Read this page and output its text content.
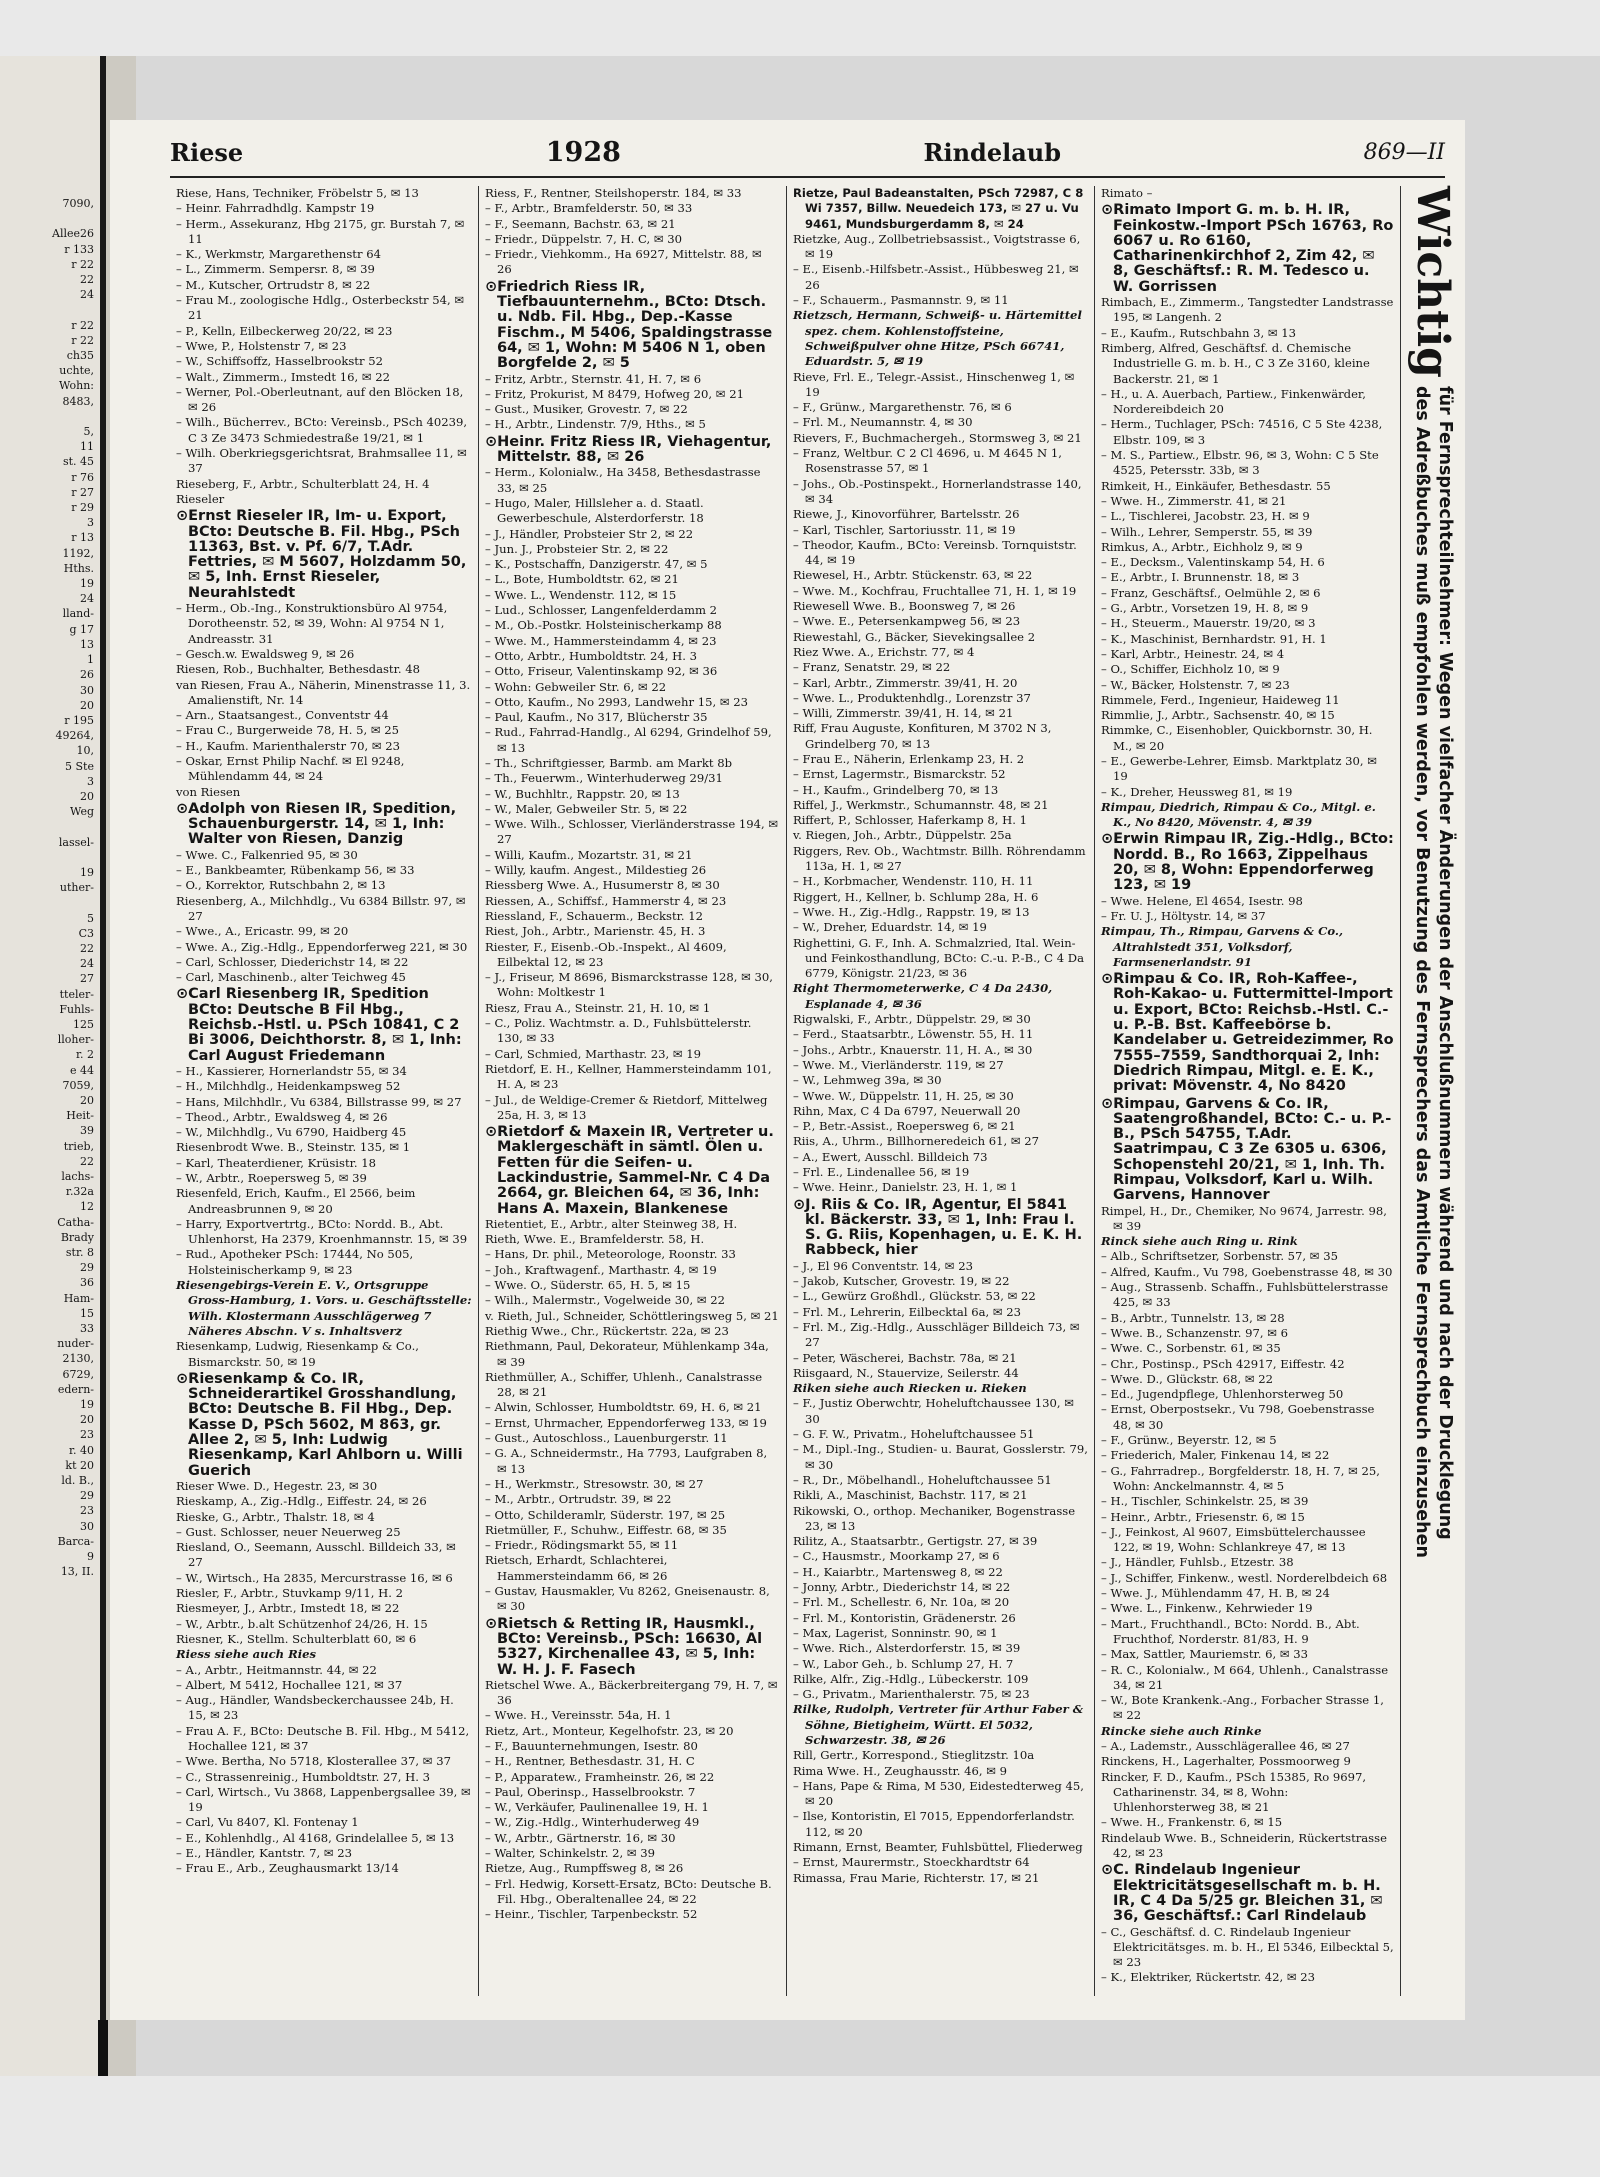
7090,

Allee26
r 133
r 22
22
24

r 22
r 22
ch35
uchte,
Wohn:
8483,

5,
11
st. 45
r 76
r 27
r 29
3
r 13
1192,
Hths.
19
24
lland-
g 17
13
1
26
30
20
r 195
49264,
10,
5 Ste
3
20
Weg

lassel-

19
uther-

5
C3
22
24
27
tteler-
Fuhls-
125
lloher-
r. 2
e 44
7059,
20
Heit-
39
trieb,
22
lachs-
r.32a
12
Catha-
Brady
str. 8
29
36
Ham-
15
33
nuder-
2130,
6729,
edern-
19
20
23
r. 40
kt 20
ld. B.,
29
23
30
Barca-
9
13, II.
Riese	1928	Rindelaub	869—II
Riese, Hans, Techniker, Fröbelstr 5, ✉ 13
– Heinr. Fahrradhdlg. Kampstr 19
– Herm., Assekuranz, Hbg 2175, gr. Burstah 7, ✉ 11
– K., Werkmstr, Margarethenstr 64
– L., Zimmerm. Sempersr. 8, ✉ 39
– M., Kutscher, Ortrudstr 8, ✉ 22
– Frau M., zoologische Hdlg., Osterbeckstr 54, ✉ 21
– P., Kelln, Eilbeckerweg 20/22, ✉ 23
– Wwe, P., Holstenstr 7, ✉ 23
– W., Schiffsoffz, Hasselbrookstr 52
– Walt., Zimmerm., Imstedt 16, ✉ 22
– Werner, Pol.-Oberleutnant, auf den Blöcken 18, ✉ 26
– Wilh., Bücherrev., BCto: Vereinsb., PSch 40239, C 3 Ze 3473 Schmiedestraße 19/21, ✉ 1
– Wilh. Oberkriegsgerichtsrat, Brahmsallee 11, ✉ 37
Rieseberg, F., Arbtr., Schulterblatt 24, H. 4
Rieseler
⊙ Ernst Rieseler IR, Im- u. Export, BCto: Deutsche B. Fil. Hbg., PSch 11363, Bst. v. Pf. 6/7, T.Adr. Fettries, ✉ M 5607, Holzdamm 50, ✉ 5, Inh. Ernst Rieseler, Neurahlstedt
– Herm., Ob.-Ing., Konstruktionsbüro Al 9754, Dorotheenstr. 52, ✉ 39, Wohn: Al 9754 N 1, Andreasstr. 31
– Gesch.w. Ewaldsweg 9, ✉ 26
Riesen, Rob., Buchhalter, Bethesdastr. 48
van Riesen, Frau A., Näherin, Minenstrasse 11, 3. Amalienstift, Nr. 14
– Arn., Staatsangest., Conventstr 44
– Frau C., Burgerweide 78, H. 5, ✉ 25
– H., Kaufm. Marienthalerstr 70, ✉ 23
– Oskar, Ernst Philip Nachf. ✉ El 9248, Mühlendamm 44, ✉ 24
von Riesen
⊙ Adolph von Riesen IR, Spedition, Schauenburgerstr. 14, ✉ 1, Inh: Walter von Riesen, Danzig
– Wwe. C., Falkenried 95, ✉ 30
– E., Bankbeamter, Rübenkamp 56, ✉ 33
– O., Korrektor, Rutschbahn 2, ✉ 13
Riesenberg, A., Milchhdlg., Vu 6384 Billstr. 97, ✉ 27
– Wwe., A., Ericastr. 99, ✉ 20
– Wwe. A., Zig.-Hdlg., Eppendorferweg 221, ✉ 30
– Carl, Schlosser, Diederichstr 14, ✉ 22
– Carl, Maschinenb., alter Teichweg 45
⊙ Carl Riesenberg IR, Spedition BCto: Deutsche B Fil Hbg., Reichsb.-Hstl. u. PSch 10841, C 2 Bi 3006, Deichthorstr. 8, ✉ 1, Inh: Carl August Friedemann
– H., Kassierer, Hornerlandstr 55, ✉ 34
– H., Milchhdlg., Heidenkampsweg 52
– Hans, Milchhdlr., Vu 6384, Billstrasse 99, ✉ 27
– Theod., Arbtr., Ewaldsweg 4, ✉ 26
– W., Milchhdlg., Vu 6790, Haidberg 45
Riesenbrodt Wwe. B., Steinstr. 135, ✉ 1
– Karl, Theaterdiener, Krüsistr. 18
– W., Arbtr., Roepersweg 5, ✉ 39
Riesenfeld, Erich, Kaufm., El 2566, beim Andreasbrunnen 9, ✉ 20
– Harry, Exportvertrtg., BCto: Nordd. B., Abt. Uhlenhorst, Ha 2379, Kroenhmannstr. 15, ✉ 39
– Rud., Apotheker PSch: 17444, No 505, Holsteinischerkamp 9, ✉ 23
Riesengebirgs-Verein E. V., Ortsgruppe Gross-Hamburg, 1. Vors. u. Geschäftsstelle: Wilh. Klostermann Ausschlägerweg 7 Näheres Abschn. V s. Inhaltsverz
Riesenkamp, Ludwig, Riesenkamp & Co., Bismarckstr. 50, ✉ 19
⊙ Riesenkamp & Co. IR, Schneiderartikel Grosshandlung, BCto: Deutsche B. Fil Hbg., Dep. Kasse D, PSch 5602, M 863, gr. Allee 2, ✉ 5, Inh: Ludwig Riesenkamp, Karl Ahlborn u. Willi Guerich
Rieser Wwe. D., Hegestr. 23, ✉ 30
Rieskamp, A., Zig.-Hdlg., Eiffestr. 24, ✉ 26
Rieske, G., Arbtr., Thalstr. 18, ✉ 4
– Gust. Schlosser, neuer Neuerweg 25
Riesland, O., Seemann, Ausschl. Billdeich 33, ✉ 27
– W., Wirtsch., Ha 2835, Mercurstrasse 16, ✉ 6
Riesler, F., Arbtr., Stuvkamp 9/11, H. 2
Riesmeyer, J., Arbtr., Imstedt 18, ✉ 22
– W., Arbtr., b.alt Schützenhof 24/26, H. 15
Riesner, K., Stellm. Schulterblatt 60, ✉ 6
Riess siehe auch Ries
– A., Arbtr., Heitmannstr. 44, ✉ 22
– Albert, M 5412, Hochallee 121, ✉ 37
– Aug., Händler, Wandsbeckerchaussee 24b, H. 15, ✉ 23
– Frau A. F., BCto: Deutsche B. Fil. Hbg., M 5412, Hochallee 121, ✉ 37
– Wwe. Bertha, No 5718, Klosterallee 37, ✉ 37
– C., Strassenreinig., Humboldtstr. 27, H. 3
– Carl, Wirtsch., Vu 3868, Lappenbergsallee 39, ✉ 19
– Carl, Vu 8407, Kl. Fontenay 1
– E., Kohlenhdlg., Al 4168, Grindelallee 5, ✉ 13
– E., Händler, Kantstr. 7, ✉ 23
– Frau E., Arb., Zeughausmarkt 13/14
Riess, F., Rentner, Steilshoperstr. 184, ✉ 33
– F., Arbtr., Bramfelderstr. 50, ✉ 33
– F., Seemann, Bachstr. 63, ✉ 21
– Friedr., Düppelstr. 7, H. C, ✉ 30
– Friedr., Viehkomm., Ha 6927, Mittelstr. 88, ✉ 26
⊙ Friedrich Riess IR, Tiefbauunternehm., BCto: Dtsch. u. Ndb. Fil. Hbg., Dep.-Kasse Fischm., M 5406, Spaldingstrasse 64, ✉ 1, Wohn: M 5406 N 1, oben Borgfelde 2, ✉ 5
– Fritz, Arbtr., Sternstr. 41, H. 7, ✉ 6
– Fritz, Prokurist, M 8479, Hofweg 20, ✉ 21
– Gust., Musiker, Grovestr. 7, ✉ 22
– H., Arbtr., Lindenstr. 7/9, Hths., ✉ 5
⊙ Heinr. Fritz Riess IR, Viehagentur, Mittelstr. 88, ✉ 26
– Herm., Kolonialw., Ha 3458, Bethesdastrasse 33, ✉ 25
– Hugo, Maler, Hillsleher a. d. Staatl. Gewerbeschule, Alsterdorferstr. 18
– J., Händler, Probsteier Str 2, ✉ 22
– Jun. J., Probsteier Str. 2, ✉ 22
– K., Postschaffn, Danzigerstr. 47, ✉ 5
– L., Bote, Humboldtstr. 62, ✉ 21
– Wwe. L., Wendenstr. 112, ✉ 15
– Lud., Schlosser, Langenfelderdamm 2
– M., Ob.-Postkr. Holsteinischerkamp 88
– Wwe. M., Hammersteindamm 4, ✉ 23
– Otto, Arbtr., Humboldtstr. 24, H. 3
– Otto, Friseur, Valentinskamp 92, ✉ 36
– Wohn: Gebweiler Str. 6, ✉ 22
– Otto, Kaufm., No 2993, Landwehr 15, ✉ 23
– Paul, Kaufm., No 317, Blücherstr 35
– Rud., Fahrrad-Handlg., Al 6294, Grindelhof 59, ✉ 13
– Th., Schriftgiesser, Barmb. am Markt 8b
– Th., Feuerwm., Winterhuderweg 29/31
– W., Buchhltr., Rappstr. 20, ✉ 13
– W., Maler, Gebweiler Str. 5, ✉ 22
– Wwe. Wilh., Schlosser, Vierländerstrasse 194, ✉ 27
– Willi, Kaufm., Mozartstr. 31, ✉ 21
– Willy, kaufm. Angest., Mildestieg 26
Riessberg Wwe. A., Husumerstr 8, ✉ 30
Riessen, A., Schiffsf., Hammerstr 4, ✉ 23
Riessland, F., Schauerm., Beckstr. 12
Riest, Joh., Arbtr., Marienstr. 45, H. 3
Riester, F., Eisenb.-Ob.-Inspekt., Al 4609, Eilbektal 12, ✉ 23
– J., Friseur, M 8696, Bismarckstrasse 128, ✉ 30, Wohn: Moltkestr 1
Riesz, Frau A., Steinstr. 21, H. 10, ✉ 1
– C., Poliz. Wachtmstr. a. D., Fuhlsbüttelerstr. 130, ✉ 33
– Carl, Schmied, Marthastr. 23, ✉ 19
Rietdorf, E. H., Kellner, Hammersteindamm 101, H. A, ✉ 23
– Jul., de Weldige-Cremer & Rietdorf, Mittelweg 25a, H. 3, ✉ 13
⊙ Rietdorf & Maxein IR, Vertreter u. Maklergeschäft in sämtl. Ölen u. Fetten für die Seifen- u. Lackindustrie, Sammel-Nr. C 4 Da 2664, gr. Bleichen 64, ✉ 36, Inh: Hans A. Maxein, Blankenese
Rietentiet, E., Arbtr., alter Steinweg 38, H.
Rieth, Wwe. E., Bramfelderstr. 58, H.
– Hans, Dr. phil., Meteorologe, Roonstr. 33
– Joh., Kraftwagenf., Marthastr. 4, ✉ 19
– Wwe. O., Süderstr. 65, H. 5, ✉ 15
– Wilh., Malermstr., Vogelweide 30, ✉ 22
v. Rieth, Jul., Schneider, Schöttleringsweg 5, ✉ 21
Riethig Wwe., Chr., Rückertstr. 22a, ✉ 23
Riethmann, Paul, Dekorateur, Mühlenkamp 34a, ✉ 39
Riethmüller, A., Schiffer, Uhlenh., Canalstrasse 28, ✉ 21
– Alwin, Schlosser, Humboldtstr. 69, H. 6, ✉ 21
– Ernst, Uhrmacher, Eppendorferweg 133, ✉ 19
– Gust., Autoschloss., Lauenburgerstr. 11
– G. A., Schneidermstr., Ha 7793, Laufgraben 8, ✉ 13
– H., Werkmstr., Stresowstr. 30, ✉ 27
– M., Arbtr., Ortrudstr. 39, ✉ 22
– Otto, Schilderamlr, Süderstr. 197, ✉ 25
Rietmüller, F., Schuhw., Eiffestr. 68, ✉ 35
– Friedr., Rödingsmarkt 55, ✉ 11
Rietsch, Erhardt, Schlachterei, Hammersteindamm 66, ✉ 26
– Gustav, Hausmakler, Vu 8262, Gneisenaustr. 8, ✉ 30
⊙ Rietsch & Retting IR, Hausmkl., BCto: Vereinsb., PSch: 16630, Al 5327, Kirchenallee 43, ✉ 5, Inh: W. H. J. F. Fasech
Rietschel Wwe. A., Bäckerbreitergang 79, H. 7, ✉ 36
– Wwe. H., Vereinsstr. 54a, H. 1
Rietz, Art., Monteur, Kegelhofstr. 23, ✉ 20
– F., Bauunternehmungen, Isestr. 80
– H., Rentner, Bethesdastr. 31, H. C
– P., Apparatew., Framheinstr. 26, ✉ 22
– Paul, Oberinsp., Hasselbrookstr. 7
– W., Verkäufer, Paulinenallee 19, H. 1
– W., Zig.-Hdlg., Winterhuderweg 49
– W., Arbtr., Gärtnerstr. 16, ✉ 30
– Walter, Schinkelstr. 2, ✉ 39
Rietze, Aug., Rumpffsweg 8, ✉ 26
– Frl. Hedwig, Korsett-Ersatz, BCto: Deutsche B. Fil. Hbg., Oberaltenallee 24, ✉ 22
– Heinr., Tischler, Tarpenbeckstr. 52
Rietze, Paul Badeanstalten, PSch 72987, C 8 Wi 7357, Billw. Neuedeich 173, ✉ 27 u. Vu 9461, Mundsburgerdamm 8, ✉ 24
Rietzke, Aug., Zollbetriebsassist., Voigtstrasse 6, ✉ 19
– E., Eisenb.-Hilfsbetr.-Assist., Hübbesweg 21, ✉ 26
– F., Schauerm., Pasmannstr. 9, ✉ 11
Rietzsch, Hermann, Schweiß- u. Härtemittel spez. chem. Kohlenstoffsteine, Schweißpulver ohne Hitze, PSch 66741, Eduardstr. 5, ✉ 19
Rieve, Frl. E., Telegr.-Assist., Hinschenweg 1, ✉ 19
– F., Grünw., Margarethenstr. 76, ✉ 6
– Frl. M., Neumannstr. 4, ✉ 30
Rievers, F., Buchmachergeh., Stormsweg 3, ✉ 21
– Franz, Weltbur. C 2 Cl 4696, u. M 4645 N 1, Rosenstrasse 57, ✉ 1
– Johs., Ob.-Postinspekt., Hornerlandstrasse 140, ✉ 34
Riewe, J., Kinovorführer, Bartelsstr. 26
– Karl, Tischler, Sartoriusstr. 11, ✉ 19
– Theodor, Kaufm., BCto: Vereinsb. Tornquiststr. 44, ✉ 19
Riewesel, H., Arbtr. Stückenstr. 63, ✉ 22
– Wwe. M., Kochfrau, Fruchtallee 71, H. 1, ✉ 19
Riewesell Wwe. B., Boonsweg 7, ✉ 26
– Wwe. E., Petersenkampweg 56, ✉ 23
Riewestahl, G., Bäcker, Sievekingsallee 2
Riez Wwe. A., Erichstr. 77, ✉ 4
– Franz, Senatstr. 29, ✉ 22
– Karl, Arbtr., Zimmerstr. 39/41, H. 20
– Wwe. L., Produktenhdlg., Lorenzstr 37
– Willi, Zimmerstr. 39/41, H. 14, ✉ 21
Riff, Frau Auguste, Konfituren, M 3702 N 3, Grindelberg 70, ✉ 13
– Frau E., Näherin, Erlenkamp 23, H. 2
– Ernst, Lagermstr., Bismarckstr. 52
– H., Kaufm., Grindelberg 70, ✉ 13
Riffel, J., Werkmstr., Schumannstr. 48, ✉ 21
Riffert, P., Schlosser, Haferkamp 8, H. 1
v. Riegen, Joh., Arbtr., Düppelstr. 25a
Riggers, Rev. Ob., Wachtmstr. Billh. Röhrendamm 113a, H. 1, ✉ 27
– H., Korbmacher, Wendenstr. 110, H. 11
Riggert, H., Kellner, b. Schlump 28a, H. 6
– Wwe. H., Zig.-Hdlg., Rappstr. 19, ✉ 13
– W., Dreher, Eduardstr. 14, ✉ 19
Righettini, G. F., Inh. A. Schmalzried, Ital. Wein- und Feinkosthandlung, BCto: C.-u. P.-B., C 4 Da 6779, Königstr. 21/23, ✉ 36
Right Thermometerwerke, C 4 Da 2430, Esplanade 4, ✉ 36
Rigwalski, F., Arbtr., Düppelstr. 29, ✉ 30
– Ferd., Staatsarbtr., Löwenstr. 55, H. 11
– Johs., Arbtr., Knauerstr. 11, H. A., ✉ 30
– Wwe. M., Vierländerstr. 119, ✉ 27
– W., Lehmweg 39a, ✉ 30
– Wwe. W., Düppelstr. 11, H. 25, ✉ 30
Rihn, Max, C 4 Da 6797, Neuerwall 20
– P., Betr.-Assist., Roepersweg 6, ✉ 21
Riis, A., Uhrm., Billhorneredeich 61, ✉ 27
– A., Ewert, Ausschl. Billdeich 73
– Frl. E., Lindenallee 56, ✉ 19
– Wwe. Heinr., Danielstr. 23, H. 1, ✉ 1
⊙ J. Riis & Co. IR, Agentur, El 5841 kl. Bäckerstr. 33, ✉ 1, Inh: Frau I. S. G. Riis, Kopenhagen, u. E. K. H. Rabbeck, hier
– J., El 96 Conventstr. 14, ✉ 23
– Jakob, Kutscher, Grovestr. 19, ✉ 22
– L., Gewürz Großhdl., Glückstr. 53, ✉ 22
– Frl. M., Lehrerin, Eilbecktal 6a, ✉ 23
– Frl. M., Zig.-Hdlg., Ausschläger Billdeich 73, ✉ 27
– Peter, Wäscherei, Bachstr. 78a, ✉ 21
Riisgaard, N., Stauervize, Seilerstr. 44
Riken siehe auch Riecken u. Rieken
– F., Justiz Oberwchtr, Hoheluftchaussee 130, ✉ 30
– G. F. W., Privatm., Hoheluftchaussee 51
– M., Dipl.-Ing., Studien- u. Baurat, Gosslerstr. 79, ✉ 30
– R., Dr., Möbelhandl., Hoheluftchaussee 51
Rikli, A., Maschinist, Bachstr. 117, ✉ 21
Rikowski, O., orthop. Mechaniker, Bogenstrasse 23, ✉ 13
Rilitz, A., Staatsarbtr., Gertigstr. 27, ✉ 39
– C., Hausmstr., Moorkamp 27, ✉ 6
– H., Kaiarbtr., Martensweg 8, ✉ 22
– Jonny, Arbtr., Diederichstr 14, ✉ 22
– Frl. M., Schellestr. 6, Nr. 10a, ✉ 20
– Frl. M., Kontoristin, Grädenerstr. 26
– Max, Lagerist, Sonninstr. 90, ✉ 1
– Wwe. Rich., Alsterdorferstr. 15, ✉ 39
– W., Labor Geh., b. Schlump 27, H. 7
Rilke, Alfr., Zig.-Hdlg., Lübeckerstr. 109
– G., Privatm., Marienthalerstr. 75, ✉ 23
Rilke, Rudolph, Vertreter für Arthur Faber & Söhne, Bietigheim, Württ. El 5032, Schwarzestr. 38, ✉ 26
Rill, Gertr., Korrespond., Stieglitzstr. 10a
Rima Wwe. H., Zeughausstr. 46, ✉ 9
– Hans, Pape & Rima, M 530, Eidestedterweg 45, ✉ 20
– Ilse, Kontoristin, El 7015, Eppendorferlandstr. 112, ✉ 20
Rimann, Ernst, Beamter, Fuhlsbüttel, Fliederweg
– Ernst, Maurermstr., Stoeckhardtstr 64
Rimassa, Frau Marie, Richterstr. 17, ✉ 21
Rimato –
⊙ Rimato Import G. m. b. H. IR, Feinkostw.-Import PSch 16763, Ro 6067 u. Ro 6160, Catharinenkirchhof 2, Zim 42, ✉ 8, Geschäftsf.: R. M. Tedesco u. W. Gorrissen
Rimbach, E., Zimmerm., Tangstedter Landstrasse 195, ✉ Langenh. 2
– E., Kaufm., Rutschbahn 3, ✉ 13
Rimberg, Alfred, Geschäftsf. d. Chemische Industrielle G. m. b. H., C 3 Ze 3160, kleine Backerstr. 21, ✉ 1
– H., u. A. Auerbach, Partiew., Finkenwärder, Nordereibdeich 20
– Herm., Tuchlager, PSch: 74516, C 5 Ste 4238, Elbstr. 109, ✉ 3
– M. S., Partiew., Elbstr. 96, ✉ 3, Wohn: C 5 Ste 4525, Petersstr. 33b, ✉ 3
Rimkeit, H., Einkäufer, Bethesdastr. 55
– Wwe. H., Zimmerstr. 41, ✉ 21
– L., Tischlerei, Jacobstr. 23, H. ✉ 9
– Wilh., Lehrer, Semperstr. 55, ✉ 39
Rimkus, A., Arbtr., Eichholz 9, ✉ 9
– E., Decksm., Valentinskamp 54, H. 6
– E., Arbtr., I. Brunnenstr. 18, ✉ 3
– Franz, Geschäftsf., Oelmühle 2, ✉ 6
– G., Arbtr., Vorsetzen 19, H. 8, ✉ 9
– H., Steuerm., Mauerstr. 19/20, ✉ 3
– K., Maschinist, Bernhardstr. 91, H. 1
– Karl, Arbtr., Heinestr. 24, ✉ 4
– O., Schiffer, Eichholz 10, ✉ 9
– W., Bäcker, Holstenstr. 7, ✉ 23
Rimmele, Ferd., Ingenieur, Haideweg 11
Rimmlie, J., Arbtr., Sachsenstr. 40, ✉ 15
Rimmke, C., Eisenhobler, Quickbornstr. 30, H. M., ✉ 20
– E., Gewerbe-Lehrer, Eimsb. Marktplatz 30, ✉ 19
– K., Dreher, Heussweg 81, ✉ 19
Rimpau, Diedrich, Rimpau & Co., Mitgl. e. K., No 8420, Mövenstr. 4, ✉ 39
⊙ Erwin Rimpau IR, Zig.-Hdlg., BCto: Nordd. B., Ro 1663, Zippelhaus 20, ✉ 8, Wohn: Eppendorferweg 123, ✉ 19
– Wwe. Helene, El 4654, Isestr. 98
– Fr. U. J., Höltystr. 14, ✉ 37
Rimpau, Th., Rimpau, Garvens & Co., Altrahlstedt 351, Volksdorf, Farmsenerlandstr. 91
⊙ Rimpau & Co. IR, Roh-Kaffee-, Roh-Kakao- u. Futtermittel-Import u. Export, BCto: Reichsb.-Hstl. C.- u. P.-B. Bst. Kaffeebörse b. Kandelaber u. Getreidezimmer, Ro 7555–7559, Sandthorquai 2, Inh: Diedrich Rimpau, Mitgl. e. E. K., privat: Mövenstr. 4, No 8420
⊙ Rimpau, Garvens & Co. IR, Saatengroßhandel, BCto: C.- u. P.-B., PSch 54755, T.Adr. Saatrimpau, C 3 Ze 6305 u. 6306, Schopenstehl 20/21, ✉ 1, Inh. Th. Rimpau, Volksdorf, Karl u. Wilh. Garvens, Hannover
Rimpel, H., Dr., Chemiker, No 9674, Jarrestr. 98, ✉ 39
Rinck siehe auch Ring u. Rink
– Alb., Schriftsetzer, Sorbenstr. 57, ✉ 35
– Alfred, Kaufm., Vu 798, Goebenstrasse 48, ✉ 30
– Aug., Strassenb. Schaffn., Fuhlsbüttelerstrasse 425, ✉ 33
– B., Arbtr., Tunnelstr. 13, ✉ 28
– Wwe. B., Schanzenstr. 97, ✉ 6
– Wwe. C., Sorbenstr. 61, ✉ 35
– Chr., Postinsp., PSch 42917, Eiffestr. 42
– Wwe. D., Glückstr. 68, ✉ 22
– Ed., Jugendpflege, Uhlenhorsterweg 50
– Ernst, Oberpostsekr., Vu 798, Goebenstrasse 48, ✉ 30
– F., Grünw., Beyerstr. 12, ✉ 5
– Friederich, Maler, Finkenau 14, ✉ 22
– G., Fahrradrep., Borgfelderstr. 18, H. 7, ✉ 25, Wohn: Anckelmannstr. 4, ✉ 5
– H., Tischler, Schinkelstr. 25, ✉ 39
– Heinr., Arbtr., Friesenstr. 6, ✉ 15
– J., Feinkost, Al 9607, Eimsbüttelerchaussee 122, ✉ 19, Wohn: Schlankreye 47, ✉ 13
– J., Händler, Fuhlsb., Etzestr. 38
– J., Schiffer, Finkenw., westl. Norderelbdeich 68
– Wwe. J., Mühlendamm 47, H. B, ✉ 24
– Wwe. L., Finkenw., Kehrwieder 19
– Mart., Fruchthandl., BCto: Nordd. B., Abt. Fruchthof, Norderstr. 81/83, H. 9
– Max, Sattler, Mauriemstr. 6, ✉ 33
– R. C., Kolonialw., M 664, Uhlenh., Canalstrasse 34, ✉ 21
– W., Bote Krankenk.-Ang., Forbacher Strasse 1, ✉ 22
Rincke siehe auch Rinke
– A., Lademstr., Ausschlägerallee 46, ✉ 27
Rinckens, H., Lagerhalter, Possmoorweg 9
Rincker, F. D., Kaufm., PSch 15385, Ro 9697, Catharinenstr. 34, ✉ 8, Wohn: Uhlenhorsterweg 38, ✉ 21
– Wwe. H., Frankenstr. 6, ✉ 15
Rindelaub Wwe. B., Schneiderin, Rückertstrasse 42, ✉ 23
⊙ C. Rindelaub Ingenieur Elektricitätsgesellschaft m. b. H. IR, C 4 Da 5/25 gr. Bleichen 31, ✉ 36, Geschäftsf.: Carl Rindelaub
– C., Geschäftsf. d. C. Rindelaub Ingenieur Elektricitätsges. m. b. H., El 5346, Eilbecktal 5, ✉ 23
– K., Elektriker, Rückertstr. 42, ✉ 23
Wichtig
für Fernsprechteilnehmer: Wegen vielfacher Änderungen der Anschlußnummern während und nach der Drucklegung
des Adreßbuches muß empfohlen werden, vor Benutzung des Fernsprechers das Amtliche Fernsprechbuch einzusehen
